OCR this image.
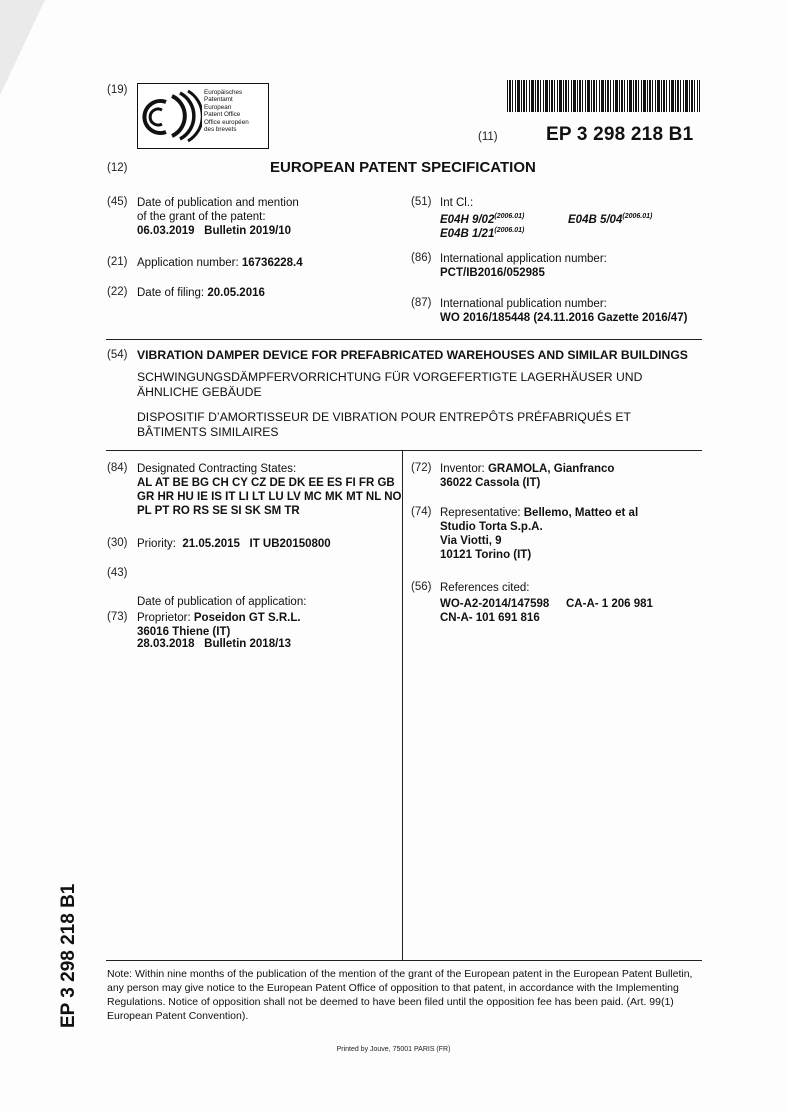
(19)	Europäisches
Patentamt
European
Patent Office
Office européen
des brevets
(11)	EP 3 298 218 B1
(12)	EUROPEAN PATENT SPECIFICATION
(45) Date of publication and mention
of the grant of the patent:
06.03.2019   Bulletin 2019/10
(21) Application number: 16736228.4
(22) Date of filing: 20.05.2016
(51) Int Cl.:
E04H $9/02^{(2006.01)}$	E04B $5/04^{(2006.01)}$
E04B $1/21^{(2006.01)}$
(86) International application number:
PCT/IB2016/052985
(87) International publication number:
WO 2016/185448 (24.11.2016 Gazette 2016/47)
(54) VIBRATION DAMPER DEVICE FOR PREFABRICATED WAREHOUSES AND SIMILAR BUILDINGS
SCHWINGUNGSDÄMPFERVORRICHTUNG FÜR VORGEFERTIGTE LAGERHÄUSER UND
ÄHNLICHE GEBÄUDE
DISPOSITIF D’AMORTISSEUR DE VIBRATION POUR ENTREPÔTS PRÉFABRIQUÉS ET
BÂTIMENTS SIMILAIRES
(84) Designated Contracting States:
AL AT BE BG CH CY CZ DE DK EE ES FI FR GB
GR HR HU IE IS IT LI LT LU LV MC MK MT NL NO
PL PT RO RS SE SI SK SM TR
(30) Priority: 21.05.2015   IT UB20150800
(43)

Date of publication of application:

28.03.2018   Bulletin 2018/13

(73) Proprietor: Poseidon GT S.R.L.
36016 Thiene (IT)
(72) Inventor: GRAMOLA, Gianfranco
36022 Cassola (IT)
(74) Representative: Bellemo, Matteo et al
Studio Torta S.p.A.
Via Viotti, 9
10121 Torino (IT)
(56) References cited:
WO-A2-2014/147598 CA-A- 1 206 981
CN-A- 101 691 816
EP 3 298 218 B1	Note: Within nine months of the publication of the mention of the grant of the European patent in the European Patent Bulletin, any person may give notice to the European Patent Office of opposition to that patent, in accordance with the Implementing Regulations. Notice of opposition shall not be deemed to have been filed until the opposition fee has been paid. (Art. 99(1) European Patent Convention).
Printed by Jouve, 75001 PARIS (FR)
